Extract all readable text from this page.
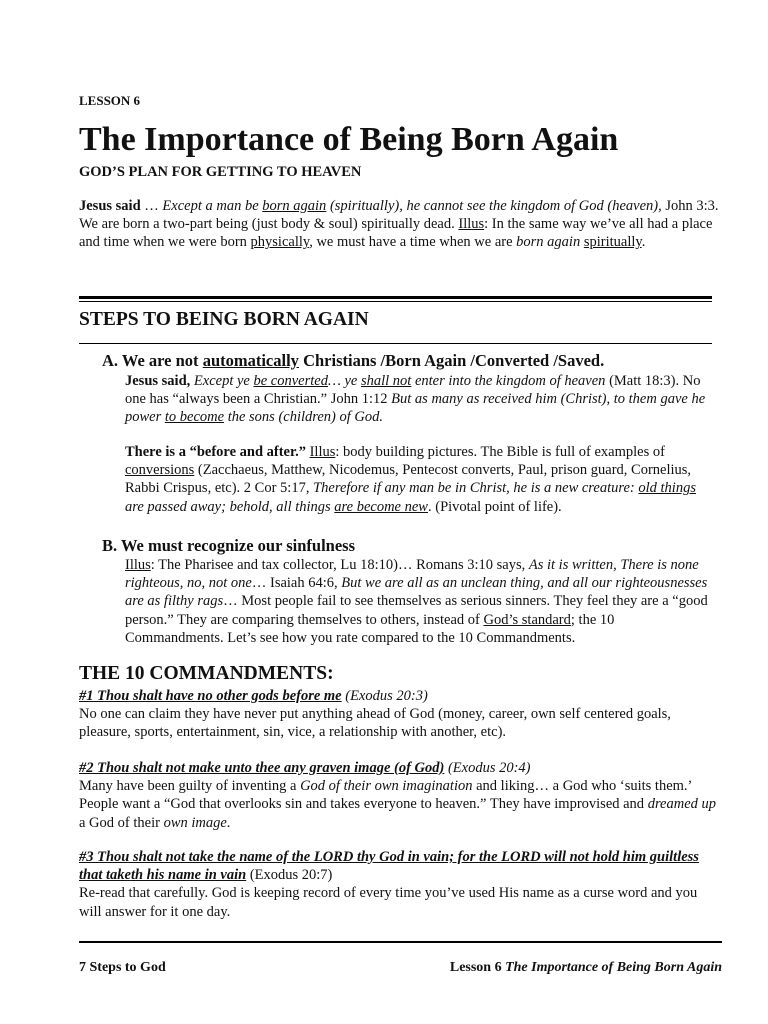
LESSON 6
The Importance of Being Born Again
GOD’S PLAN FOR GETTING TO HEAVEN

Jesus said … Except a man be born again (spiritually), he cannot see the kingdom of God (heaven), John 3:3. We are born a two-part being (just body & soul) spiritually dead. Illus: In the same way we’ve all had a place and time when we were born physically, we must have a time when we are born again spiritually.

STEPS TO BEING BORN AGAIN
A. We are not automatically Christians /Born Again /Converted /Saved.

Jesus said, Except ye be converted… ye shall not enter into the kingdom of heaven (Matt 18:3). No one has “always been a Christian.” John 1:12 But as many as received him (Christ), to them gave he power to become the sons (children) of God.

There is a “before and after.” Illus: body building pictures. The Bible is full of examples of conversions (Zacchaeus, Matthew, Nicodemus, Pentecost converts, Paul, prison guard, Cornelius, Rabbi Crispus, etc). 2 Cor 5:17, Therefore if any man be in Christ, he is a new creature: old things are passed away; behold, all things are become new. (Pivotal point of life).

B. We must recognize our sinfulness

Illus: The Pharisee and tax collector, Lu 18:10)… Romans 3:10 says, As it is written, There is none righteous, no, not one… Isaiah 64:6, But we are all as an unclean thing, and all our righteousnesses are as filthy rags… Most people fail to see themselves as serious sinners. They feel they are a “good person.” They are comparing themselves to others, instead of God’s standard; the 10 Commandments. Let’s see how you rate compared to the 10 Commandments.

THE 10 COMMANDMENTS:

#1 Thou shalt have no other gods before me (Exodus 20:3)
No one can claim they have never put anything ahead of God (money, career, own self centered goals, pleasure, sports, entertainment, sin, vice, a relationship with another, etc).

#2 Thou shalt not make unto thee any graven image (of God) (Exodus 20:4)
Many have been guilty of inventing a God of their own imagination and liking… a God who ‘suits them.’ People want a “God that overlooks sin and takes everyone to heaven.” They have improvised and dreamed up a God of their own image.

#3 Thou shalt not take the name of the LORD thy God in vain; for the LORD will not hold him guiltless that taketh his name in vain (Exodus 20:7)
Re-read that carefully. God is keeping record of every time you’ve used His name as a curse word and you will answer for it one day.

7 Steps to God	Lesson 6 The Importance of Being Born Again
